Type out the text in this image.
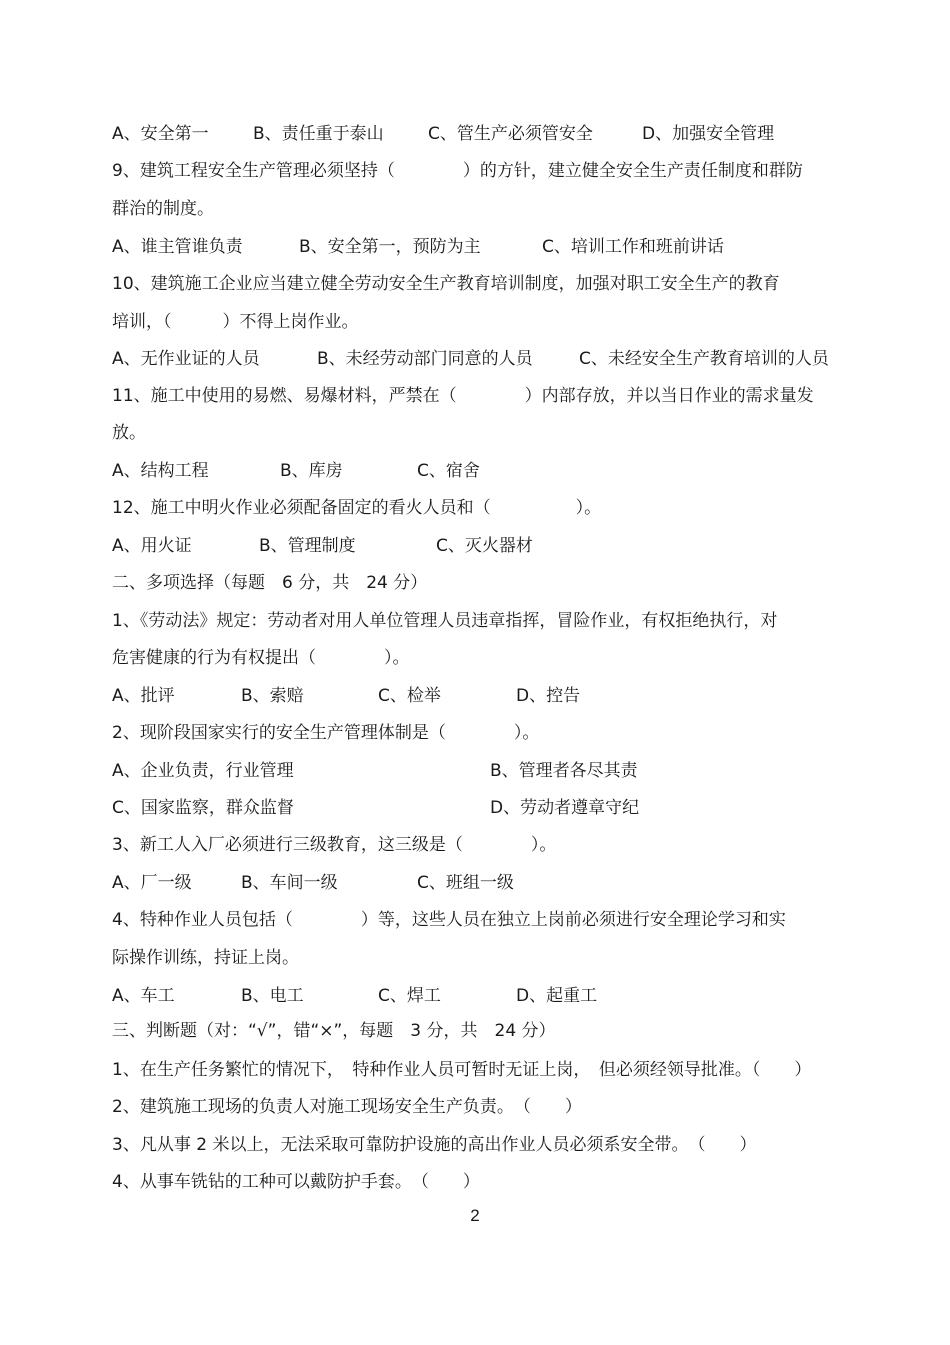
A、安全第一	B、责任重于泰山	C、管生产必须管安全	D、加强安全管理
9、建筑工程安全生产管理必须坚持（　　　　）的方针，建立健全安全生产责任制度和群防
群治的制度。
A、谁主管谁负责	B、安全第一，预防为主	C、培训工作和班前讲话
10、建筑施工企业应当建立健全劳动安全生产教育培训制度，加强对职工安全生产的教育
培训，（　　　）不得上岗作业。
A、无作业证的人员	B、未经劳动部门同意的人员	C、未经安全生产教育培训的人员
11、施工中使用的易燃、易爆材料，严禁在（　　　　）内部存放，并以当日作业的需求量发
放。
A、结构工程	B、库房	C、宿舍
12、施工中明火作业必须配备固定的看火人员和（　　　　　）。
A、用火证	B、管理制度	C、灭火器材
二、多项选择（每题　6 分，共　24 分）
1、《劳动法》规定：劳动者对用人单位管理人员违章指挥，冒险作业，有权拒绝执行，对
危害健康的行为有权提出（　　　　）。
A、批评	B、索赔	C、检举	D、控告
2、现阶段国家实行的安全生产管理体制是（　　　　）。
A、企业负责，行业管理	B、管理者各尽其责
C、国家监察，群众监督	D、劳动者遵章守纪
3、新工人入厂必须进行三级教育，这三级是（　　　　）。
A、厂一级	B、车间一级	C、班组一级
4、特种作业人员包括（　　　　）等，这些人员在独立上岗前必须进行安全理论学习和实
际操作训练，持证上岗。
A、车工	B、电工	C、焊工	D、起重工
三、判断题（对：“√”，错“×”，每题　3 分，共　24 分）
1、在生产任务繁忙的情况下，　特种作业人员可暂时无证上岗，　但必须经领导批准。（　　）
2、建筑施工现场的负责人对施工现场安全生产负责。　（　　）
3、凡从事 2 米以上，无法采取可靠防护设施的高出作业人员必须系安全带。　（　　）
4、从事车铣钻的工种可以戴防护手套。　（　　）
2
